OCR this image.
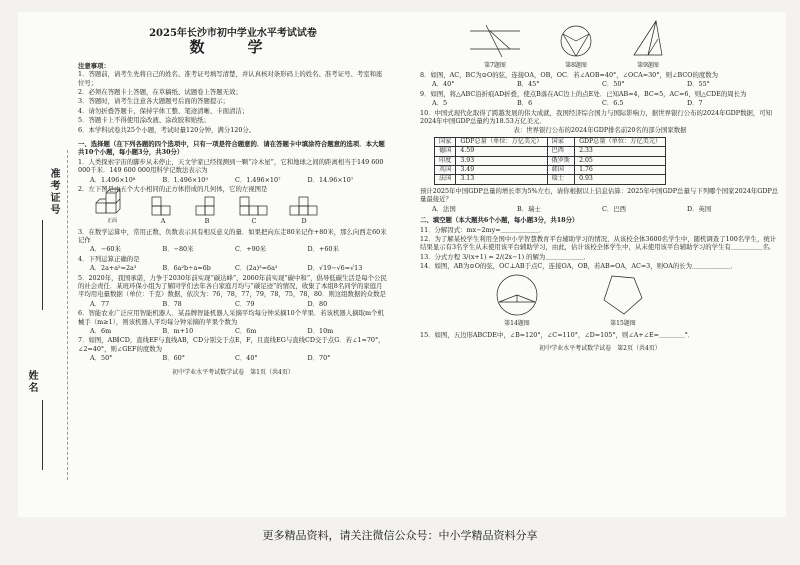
准考证号
姓名
2025年长沙市初中学业水平考试试卷
数　学
注意事项：

1．答题前，请考生先将自己的姓名、准考证号填写清楚，并认真核对条形码上的姓名、准考证号、考室和座位号；

2．必须在答题卡上答题，在草稿纸、试题卷上答题无效；

3．答题时，请考生注意各大题题号后面的答题提示；

4．请勿折叠答题卡，保持字体工整、笔迹清晰、卡面清洁；

5．答题卡上不得使用涂改液、涂改胶和贴纸；

6．本学科试卷共25个小题，考试时量120分钟，满分120分。

一、选择题（在下列各题的四个选项中，只有一项是符合题意的．请在答题卡中填涂符合题意的选项．本大题共10个小题，每小题3分，共30分）

1．人类探索宇宙的脚步从未停止，天文学家已经探测到一颗“冷木星”，它和地球之间的距离相当于149 600 000千米．149 600 000用科学记数法表示为

A．1.496×10⁸	B．1.496×10⁹	C．1.496×10⁷	D．14.96×10⁷

2．左下图是由五个大小相同的正方体搭成的几何体，它的左视图是

正面	A	B	C	D

3．在数学运算中，常用正数、负数表示具有相反意义的量．如果把向东走80米记作+80米，那么向西走60米记作

A．−60米	B．−80米	C．+90米	D．+60米

4．下列运算正确的是

A．2a+a²=2a³	B．6a²b÷a=6b	C．(2a)³=6a³	D．√19−√6=√13

5．2020年，我国承诺，力争于2030年前实现“碳达峰”，2060年前实现“碳中和”，倡导低碳生活是每个公民的社会责任．某班环保小组为了解同学们去年各自家庭月均与“碳足迹”的情况，收集了本组8名同学的家庭月平均用电量数据（单位：千克）数据，依次为：76，78，77，79，78，75，78，80．则这组数据的众数是

A．77	B．78	C．79	D．80

6．智能农业广泛应用智能机器人．某品牌智能机器人采摘平均每分钟采摘10个苹果．若该机器人摘取m个机械手（m≥1），则该机器人平均每分钟采摘的苹果个数为

A．6m	B．m+10	C．6m	D．10m

7．如图，AB∥CD，直线EF与直线AB，CD分别交于点E，F，且直线EG与直线CD交于点G．若∠1=70°，∠2=40°，则∠GEF的度数为

A．50°	B．60°	C．40°	D．70°
初中学业水平考试数学试卷　第1页（共4页）
第7题图	第8题图	第9题图

8．如图，AC，BC为⊙O的弦，连接OA，OB，OC．若∠AOB=40°，∠OCA=30°，则∠BCO的度数为

A．40°	B．45°	C．50°	D．55°

9．如图，将△ABC沿折痕AD折叠，使点B落在AC边上的点E处．已知AB=4，BC=5，AC=6，则△CDE的周长为

A．5	B．6	C．6.5	D．7

10．中国式现代化取得了跨越发展的伟大成就，我国经济综合国力与国际影响力，据世界银行公布的2024年GDP数据，可知2024年中国GDP总量约为18.53万亿美元．

表：世界银行公布的2024年GDP排名前20名的部分国家数据

国家	GDP总量（单位：万亿美元）	国家	GDP总量（单位：万亿美元）
德国	4.59	巴西	2.33
印度	3.93	俄罗斯	2.05
英国	3.49	韩国	1.76
法国	3.13	瑞士	0.93

预计2025年中国GDP总量的增长率为5%左右，请你根据以上信息估算：2025年中国GDP总量与下列哪个国家2024年GDP总量最接近？

A．法国	B．瑞士	C．巴西	D．英国

二、填空题（本大题共6个小题，每小题3分，共18分）

11．分解因式：mx−2my=＿＿＿＿＿＿．

12．为了解某校学生利用全国中小学智慧教育平台辅助学习的情况，从该校全体3600名学生中，随机调查了100名学生，统计结果显示有3名学生从未使用该平台辅助学习，由此，估计该校全体学生中，从未使用该平台辅助学习的学生有＿＿＿＿＿名．

13．分式方程 3/(x+1) = 2/(2x−1) 的解为＿＿＿＿＿＿．

14．如图，AB为⊙O的弦，OC⊥AB于点C，连接OA，OB，若AB=OA，AC=3，则OA的长为＿＿＿＿＿＿．

第14题图	第15题图

15．如图，五边形ABCDE中，∠B=120°，∠C=110°，∠D=105°，则∠A+∠E=＿＿＿＿°．

初中学业水平考试数学试卷　第2页（共4页）
更多精品资料，请关注微信公众号：中小学精品资料分享
